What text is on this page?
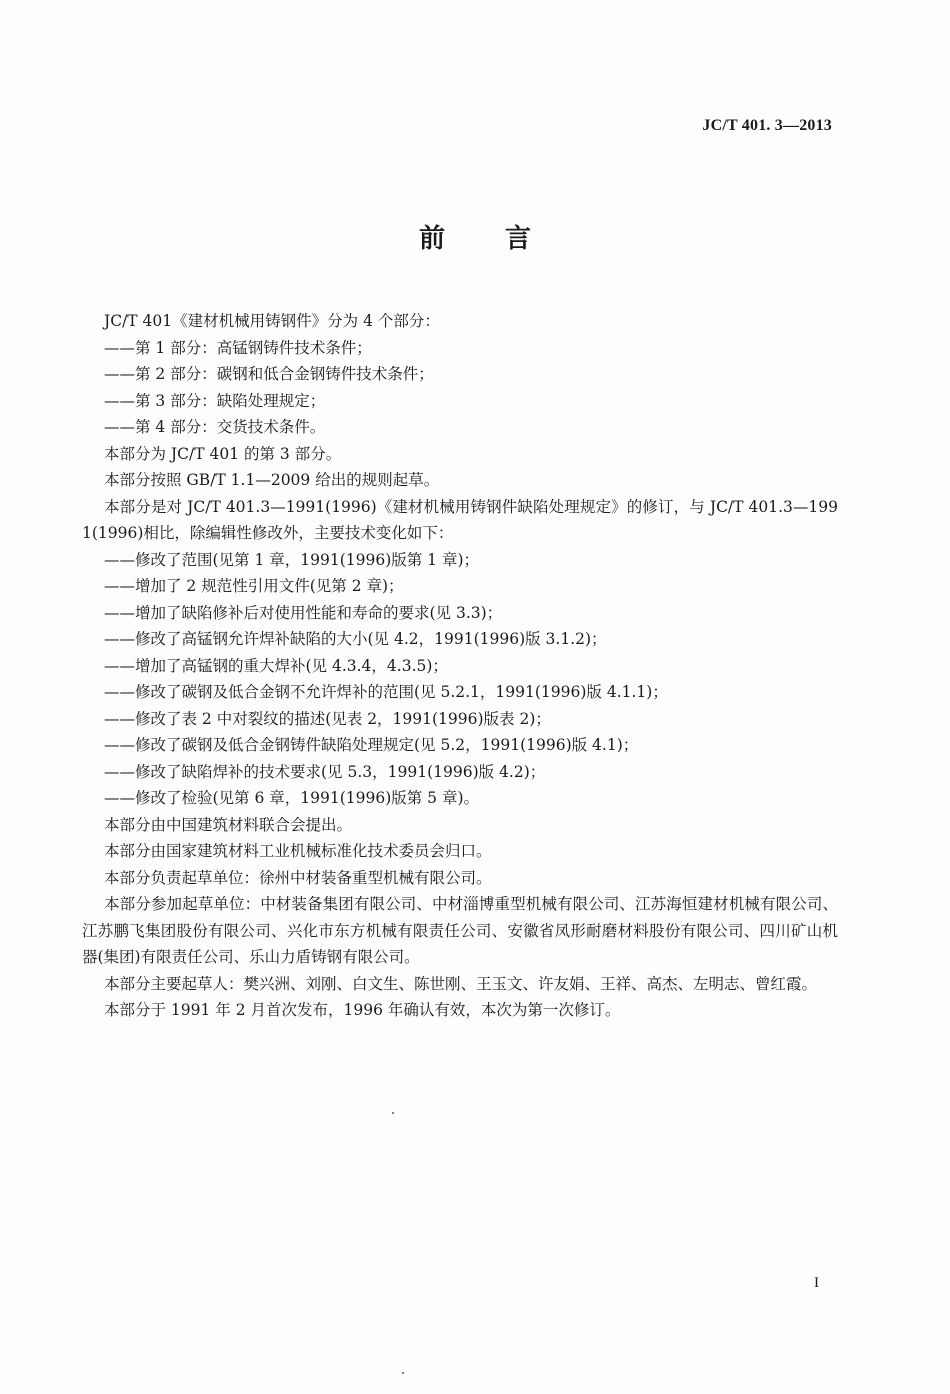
JC/T 401. 3—2013
前 言

JC/T 401《建材机械用铸钢件》分为 4 个部分：

——第 1 部分：高锰钢铸件技术条件；

——第 2 部分：碳钢和低合金钢铸件技术条件；

——第 3 部分：缺陷处理规定；

——第 4 部分：交货技术条件。

本部分为 JC/T 401 的第 3 部分。

本部分按照 GB/T 1.1—2009 给出的规则起草。

本部分是对 JC/T 401.3—1991(1996)《建材机械用铸钢件缺陷处理规定》的修订，与 JC/T 401.3—1991(1996)相比，除编辑性修改外，主要技术变化如下：

——修改了范围(见第 1 章，1991(1996)版第 1 章)；

——增加了 2 规范性引用文件(见第 2 章)；

——增加了缺陷修补后对使用性能和寿命的要求(见 3.3)；

——修改了高锰钢允许焊补缺陷的大小(见 4.2，1991(1996)版 3.1.2)；

——增加了高锰钢的重大焊补(见 4.3.4，4.3.5)；

——修改了碳钢及低合金钢不允许焊补的范围(见 5.2.1，1991(1996)版 4.1.1)；

——修改了表 2 中对裂纹的描述(见表 2，1991(1996)版表 2)；

——修改了碳钢及低合金钢铸件缺陷处理规定(见 5.2，1991(1996)版 4.1)；

——修改了缺陷焊补的技术要求(见 5.3，1991(1996)版 4.2)；

——修改了检验(见第 6 章，1991(1996)版第 5 章)。

本部分由中国建筑材料联合会提出。

本部分由国家建筑材料工业机械标准化技术委员会归口。

本部分负责起草单位：徐州中材装备重型机械有限公司。

本部分参加起草单位：中材装备集团有限公司、中材淄博重型机械有限公司、江苏海恒建材机械有限公司、江苏鹏飞集团股份有限公司、兴化市东方机械有限责任公司、安徽省凤形耐磨材料股份有限公司、四川矿山机器(集团)有限责任公司、乐山力盾铸钢有限公司。

本部分主要起草人：樊兴洲、刘刚、白文生、陈世刚、王玉文、许友娟、王祥、高杰、左明志、曾红霞。

本部分于 1991 年 2 月首次发布，1996 年确认有效，本次为第一次修订。

I
